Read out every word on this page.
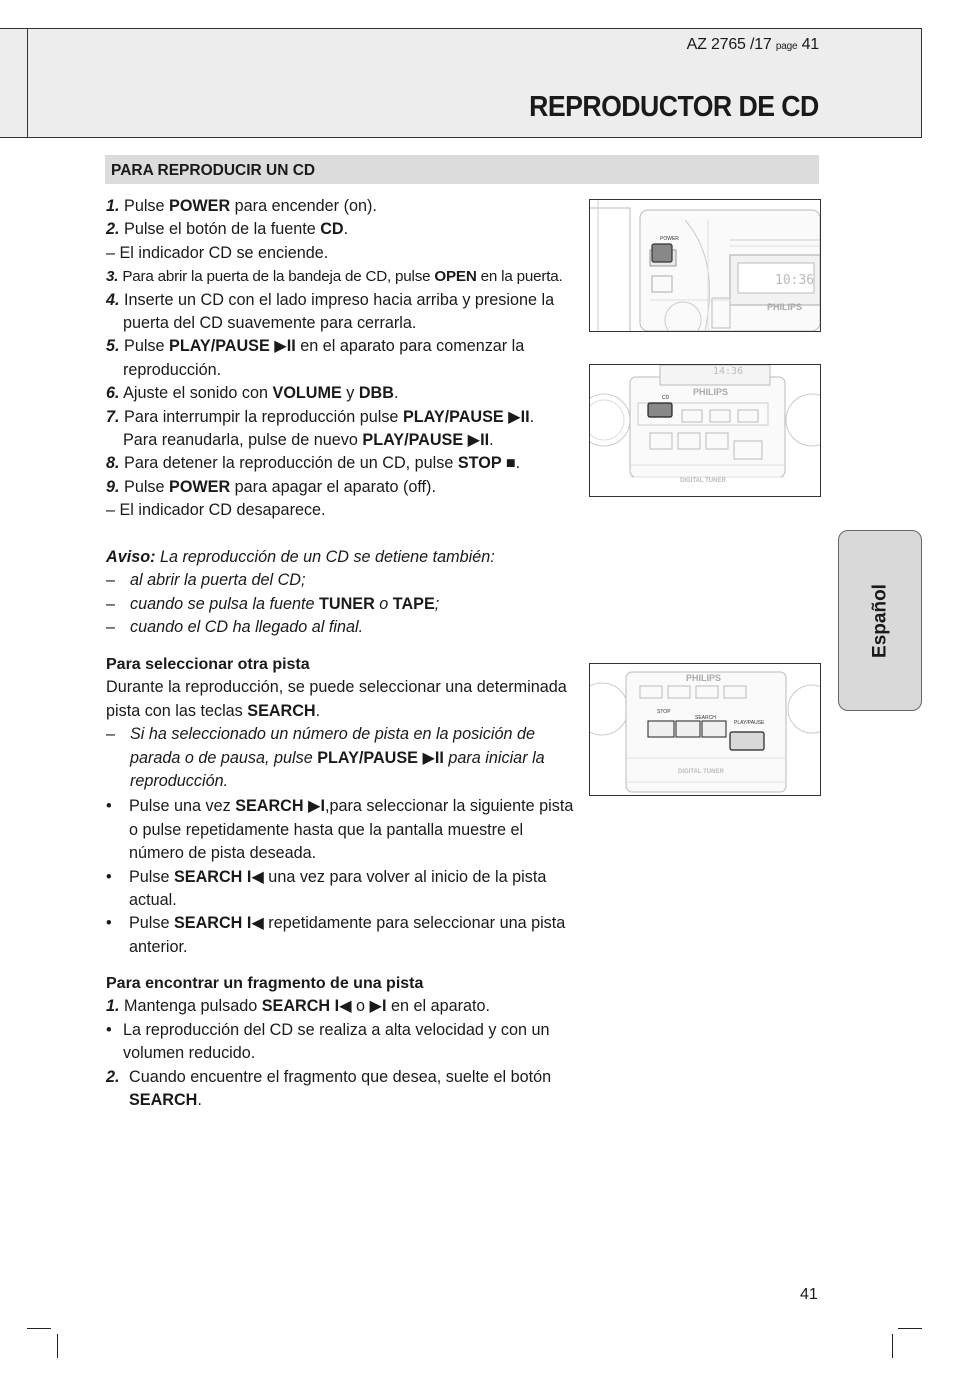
AZ 2765 /17 page 41
REPRODUCTOR DE CD
PARA REPRODUCIR UN CD
1. Pulse POWER para encender (on).
2. Pulse el botón de la fuente CD.
– El indicador CD se enciende.
3. Para abrir la puerta de la bandeja de CD, pulse OPEN en la puerta.
4. Inserte un CD con el lado impreso hacia arriba y presione la
puerta del CD suavemente para cerrarla.
5. Pulse PLAY/PAUSE ▶II en el aparato para comenzar la
reproducción.
6. Ajuste el sonido con VOLUME y DBB.
7. Para interrumpir la reproducción pulse PLAY/PAUSE ▶II.
Para reanudarla, pulse de nuevo PLAY/PAUSE ▶II.
8. Para detener la reproducción de un CD, pulse STOP ■.
9. Pulse POWER para apagar el aparato (off).
– El indicador CD desaparece.
Aviso: La reproducción de un CD se detiene también:
– al abrir la puerta del CD;
– cuando se pulsa la fuente TUNER o TAPE;
– cuando el CD ha llegado al final.
Para seleccionar otra pista
Durante la reproducción, se puede seleccionar una determinada
pista con las teclas SEARCH.
– Si ha seleccionado un número de pista en la posición de
parada o de pausa, pulse PLAY/PAUSE ▶II para iniciar la
reproducción.
• Pulse una vez SEARCH ▶I,para seleccionar la siguiente pista
o pulse repetidamente hasta que la pantalla muestre el
número de pista deseada.
• Pulse SEARCH I◀ una vez para volver al inicio de la pista
actual.
• Pulse SEARCH I◀ repetidamente para seleccionar una pista
anterior.
Para encontrar un fragmento de una pista
1. Mantenga pulsado SEARCH I◀ o ▶I en el aparato.
• La reproducción del CD se realiza a alta velocidad y con un
volumen reducido.
2. Cuando encuentre el fragmento que desea, suelte el botón
SEARCH.
Español
POWER
PHILIPS
10:36
CD
PHILIPS
14:36
DIGITAL TUNER
STOP
SEARCH
PLAY/PAUSE
PHILIPS
DIGITAL TUNER
41
